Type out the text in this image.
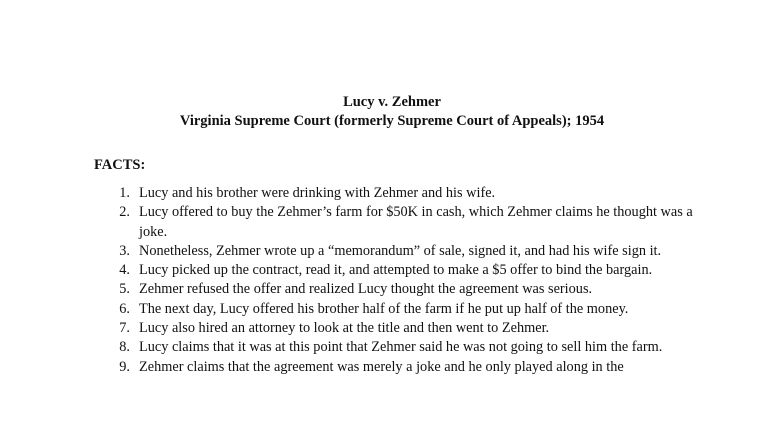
Lucy v. Zehmer
Virginia Supreme Court (formerly Supreme Court of Appeals); 1954
FACTS:
1. Lucy and his brother were drinking with Zehmer and his wife.
2. Lucy offered to buy the Zehmer’s farm for $50K in cash, which Zehmer claims he thought was a joke.
3. Nonetheless, Zehmer wrote up a “memorandum” of sale, signed it, and had his wife sign it.
4. Lucy picked up the contract, read it, and attempted to make a $5 offer to bind the bargain.
5. Zehmer refused the offer and realized Lucy thought the agreement was serious.
6. The next day, Lucy offered his brother half of the farm if he put up half of the money.
7. Lucy also hired an attorney to look at the title and then went to Zehmer.
8. Lucy claims that it was at this point that Zehmer said he was not going to sell him the farm.
9. Zehmer claims that the agreement was merely a joke and he only played along in the
